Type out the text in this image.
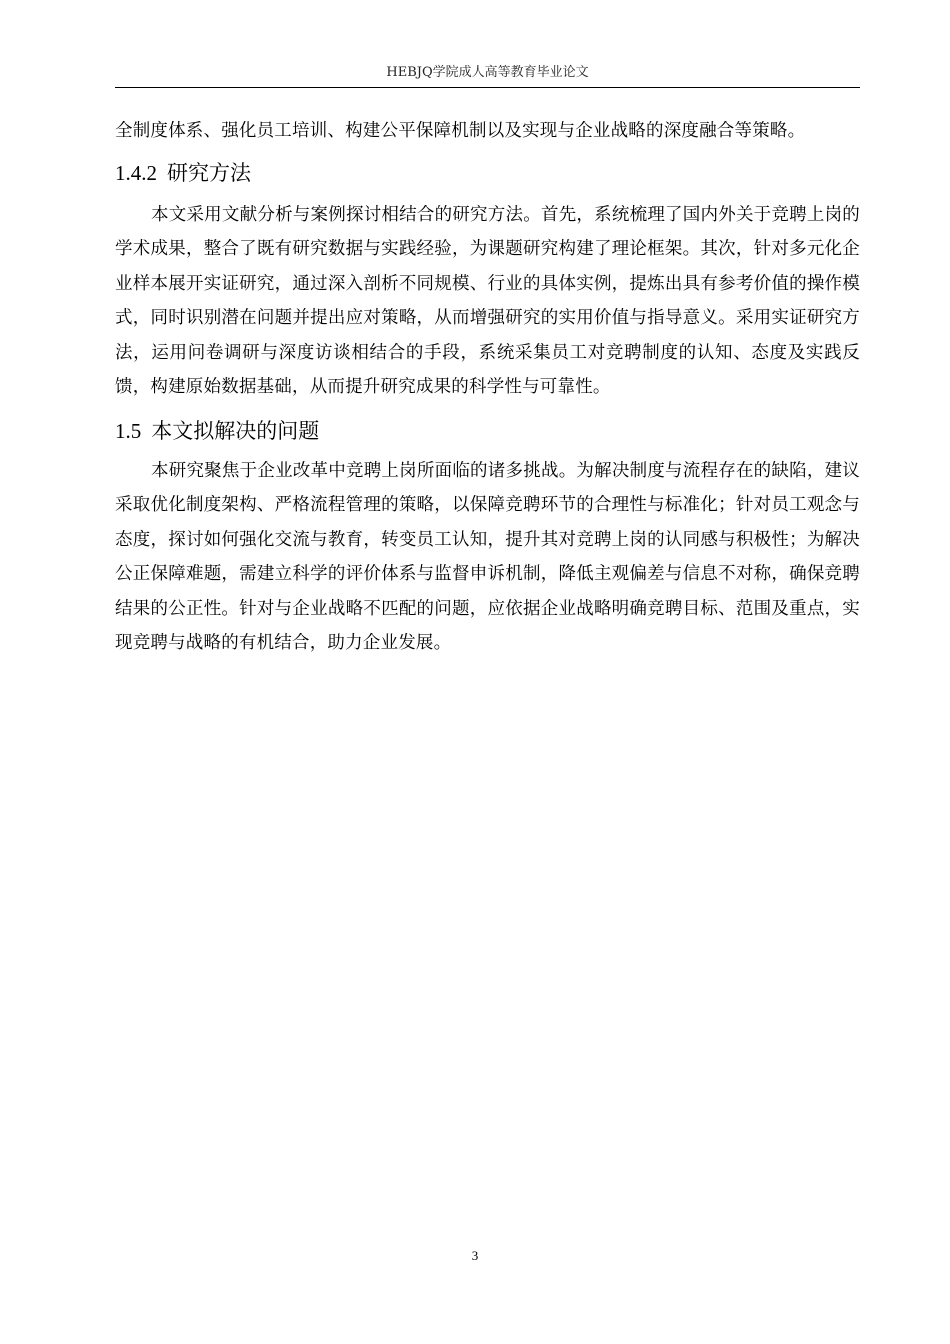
HEBJQ学院成人高等教育毕业论文

全制度体系、强化员工培训、构建公平保障机制以及实现与企业战略的深度融合等策略。

1.4.2 研究方法

本文采用文献分析与案例探讨相结合的研究方法。首先，系统梳理了国内外关于竞聘上岗的学术成果，整合了既有研究数据与实践经验，为课题研究构建了理论框架。其次，针对多元化企业样本展开实证研究，通过深入剖析不同规模、行业的具体实例，提炼出具有参考价值的操作模式，同时识别潜在问题并提出应对策略，从而增强研究的实用价值与指导意义。采用实证研究方法，运用问卷调研与深度访谈相结合的手段，系统采集员工对竞聘制度的认知、态度及实践反馈，构建原始数据基础，从而提升研究成果的科学性与可靠性。

1.5 本文拟解决的问题

本研究聚焦于企业改革中竞聘上岗所面临的诸多挑战。为解决制度与流程存在的缺陷，建议采取优化制度架构、严格流程管理的策略，以保障竞聘环节的合理性与标准化；针对员工观念与态度，探讨如何强化交流与教育，转变员工认知，提升其对竞聘上岗的认同感与积极性；为解决公正保障难题，需建立科学的评价体系与监督申诉机制，降低主观偏差与信息不对称，确保竞聘结果的公正性。针对与企业战略不匹配的问题，应依据企业战略明确竞聘目标、范围及重点，实现竞聘与战略的有机结合，助力企业发展。

3
